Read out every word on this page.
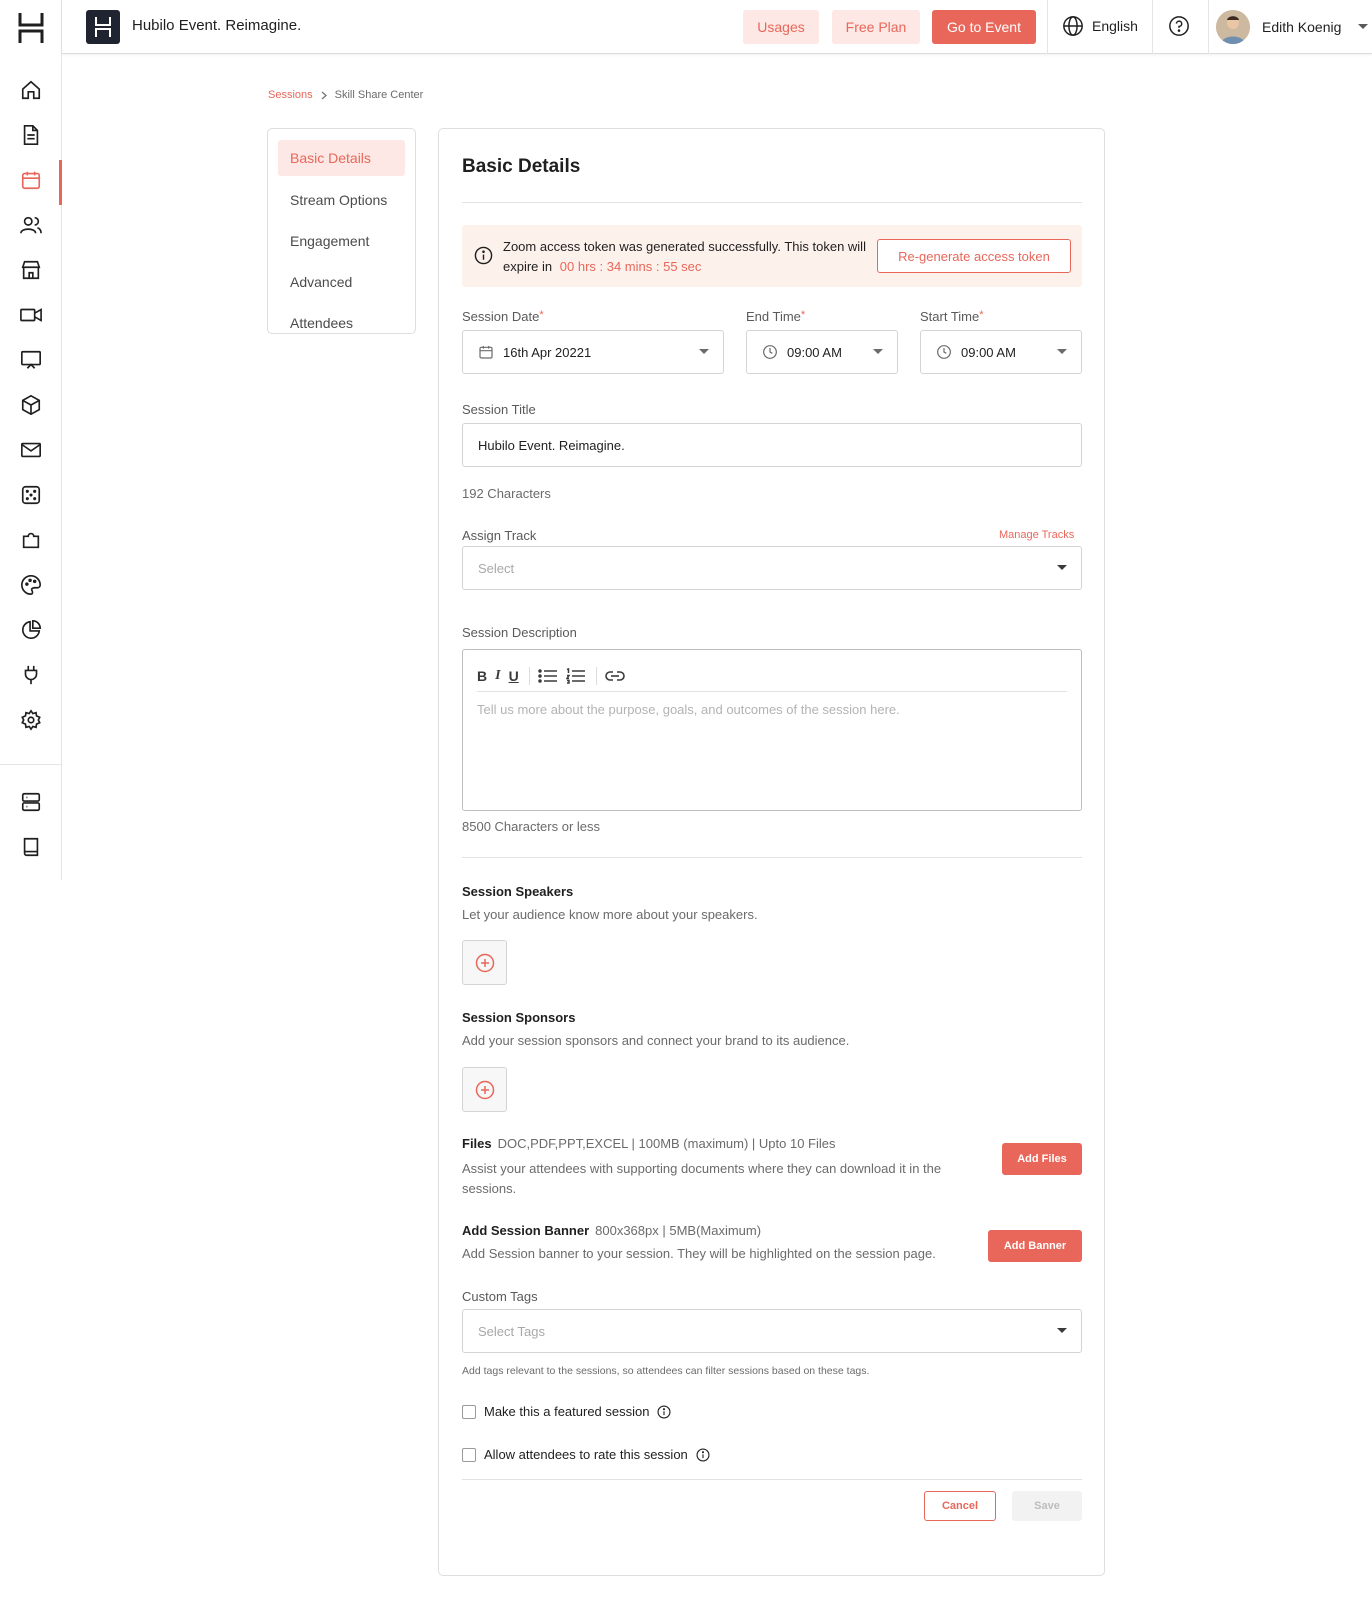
Hubilo Event. Reimagine.	Usages	Free Plan	Go to Event	English	Edith Koenig
Sessions Skill Share Center
Basic Details
Stream Options
Engagement
Advanced
Attendees
Basic Details
Zoom access token was generated successfully. This token will expire in 00 hrs : 34 mins : 55 sec
Re-generate access token
Session Date*
16th Apr 20221
End Time*
09:00 AM
Start Time*
09:00 AM
Session Title
Hubilo Event. Reimagine.
192 Characters
Assign Track	Manage Tracks
Select
Session Description
B I U
Tell us more about the purpose, goals, and outcomes of the session here.
8500 Characters or less
Session Speakers
Let your audience know more about your speakers.
Session Sponsors
Add your session sponsors and connect your brand to its audience.
Files DOC,PDF,PPT,EXCEL | 100MB (maximum) | Upto 10 Files
Assist your attendees with supporting documents where they can download it in the sessions.
Add Files
Add Session Banner 800x368px | 5MB(Maximum)
Add Session banner to your session. They will be highlighted on the session page.	Add Banner
Custom Tags
Select Tags
Add tags relevant to the sessions, so attendees can filter sessions based on these tags.
Make this a featured session
Allow attendees to rate this session
Cancel	Save
